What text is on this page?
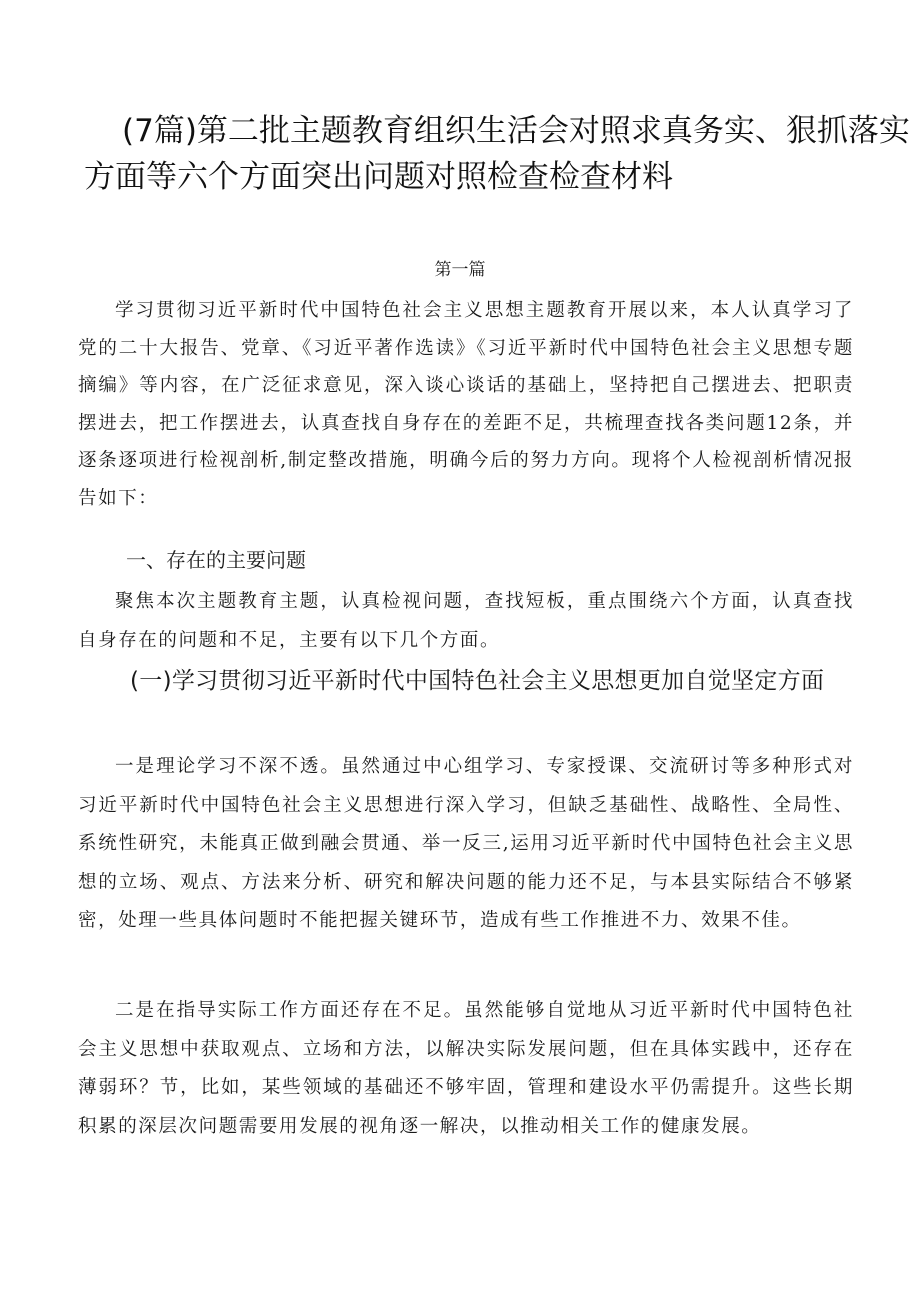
(7篇)第二批主题教育组织生活会对照求真务实、狠抓落实
方面等六个方面突出问题对照检查检查材料
第一篇

学习贯彻习近平新时代中国特色社会主义思想主题教育开展以来，本人认真学习了党的二十大报告、党章、《习近平著作选读》《习近平新时代中国特色社会主义思想专题摘编》等内容，在广泛征求意见，深入谈心谈话的基础上，坚持把自己摆进去、把职责摆进去，把工作摆进去，认真查找自身存在的差距不足，共梳理查找各类问题12条，并逐条逐项进行检视剖析,制定整改措施，明确今后的努力方向。现将个人检视剖析情况报告如下：

一、存在的主要问题

聚焦本次主题教育主题，认真检视问题，查找短板，重点围绕六个方面，认真查找自身存在的问题和不足，主要有以下几个方面。

(一)学习贯彻习近平新时代中国特色社会主义思想更加自觉坚定方面

一是理论学习不深不透。虽然通过中心组学习、专家授课、交流研讨等多种形式对习近平新时代中国特色社会主义思想进行深入学习，但缺乏基础性、战略性、全局性、系统性研究，未能真正做到融会贯通、举一反三,运用习近平新时代中国特色社会主义思想的立场、观点、方法来分析、研究和解决问题的能力还不足，与本县实际结合不够紧密，处理一些具体问题时不能把握关键环节，造成有些工作推进不力、效果不佳。

二是在指导实际工作方面还存在不足。虽然能够自觉地从习近平新时代中国特色社会主义思想中获取观点、立场和方法，以解决实际发展问题，但在具体实践中，还存在薄弱环？节，比如，某些领域的基础还不够牢固，管理和建设水平仍需提升。这些长期积累的深层次问题需要用发展的视角逐一解决，以推动相关工作的健康发展。
